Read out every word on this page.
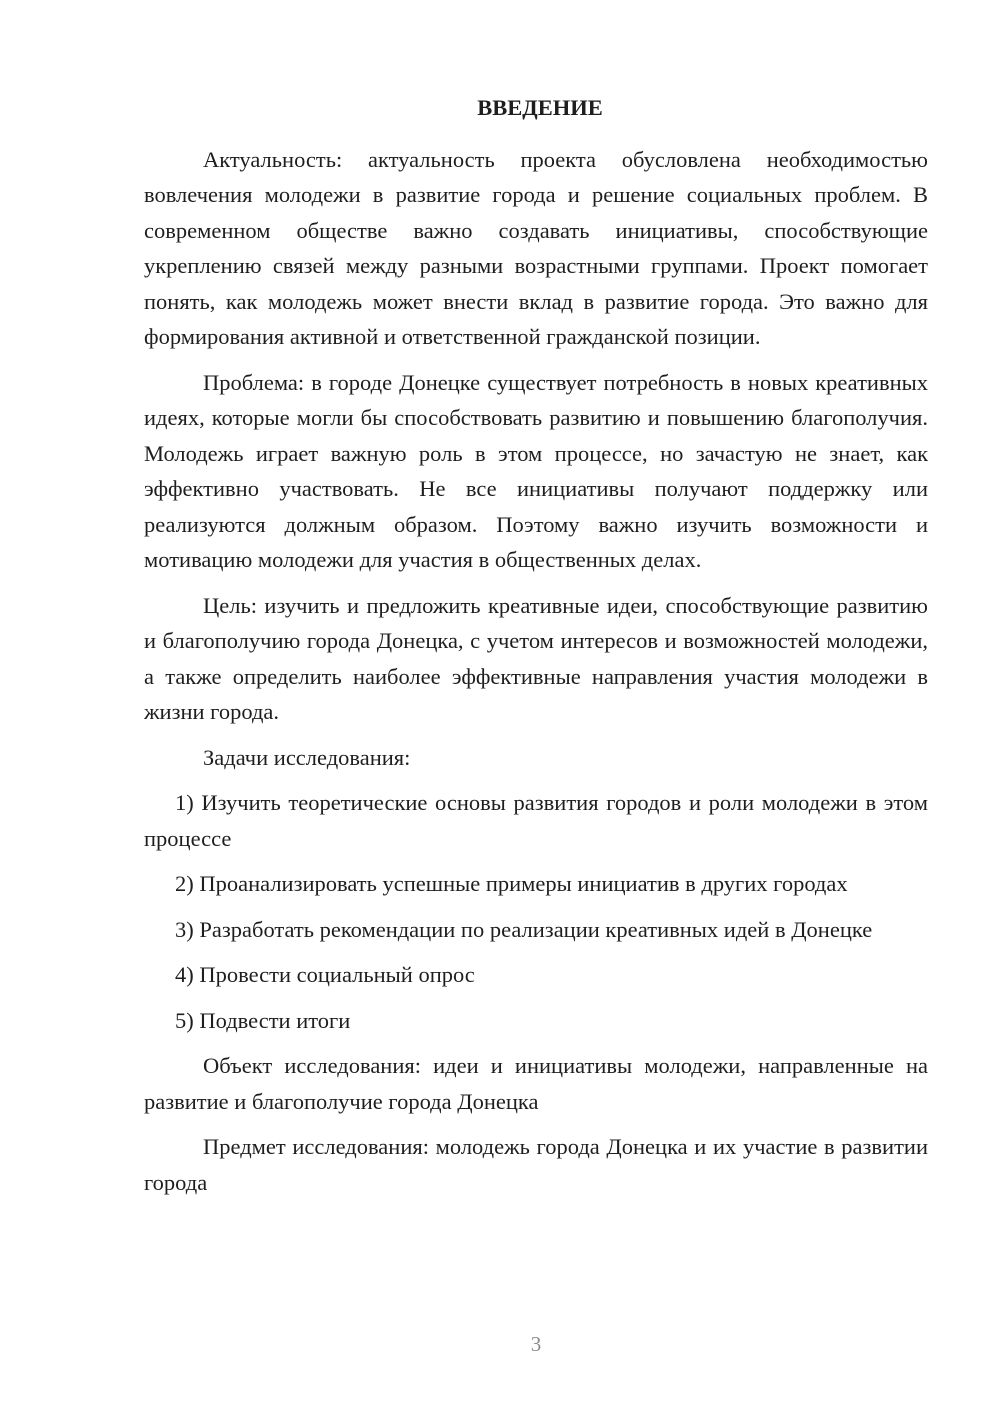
ВВЕДЕНИЕ

Актуальность: актуальность проекта обусловлена необходимостью вовлечения молодежи в развитие города и решение социальных проблем. В современном обществе важно создавать инициативы, способствующие укреплению связей между разными возрастными группами. Проект помогает понять, как молодежь может внести вклад в развитие города. Это важно для формирования активной и ответственной гражданской позиции.

Проблема: в городе Донецке существует потребность в новых креативных идеях, которые могли бы способствовать развитию и повышению благополучия. Молодежь играет важную роль в этом процессе, но зачастую не знает, как эффективно участвовать. Не все инициативы получают поддержку или реализуются должным образом. Поэтому важно изучить возможности и мотивацию молодежи для участия в общественных делах.

Цель: изучить и предложить креативные идеи, способствующие развитию и благополучию города Донецка, с учетом интересов и возможностей молодежи, а также определить наиболее эффективные направления участия молодежи в жизни города.

Задачи исследования:

1) Изучить теоретические основы развития городов и роли молодежи в этом процессе

2) Проанализировать успешные примеры инициатив в других городах

3) Разработать рекомендации по реализации креативных идей в Донецке

4) Провести социальный опрос

5) Подвести итоги

Объект исследования: идеи и инициативы молодежи, направленные на развитие и благополучие города Донецка

Предмет исследования: молодежь города Донецка и их участие в развитии города

3
